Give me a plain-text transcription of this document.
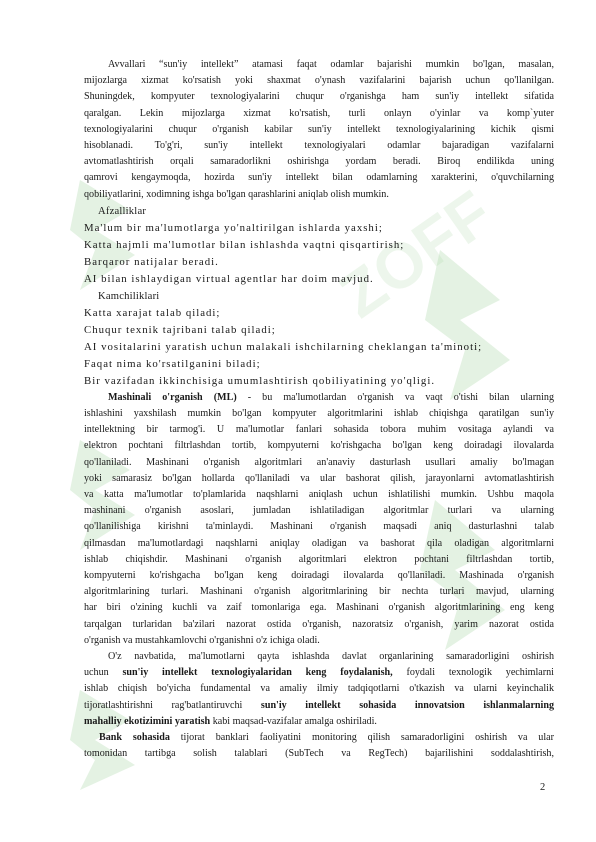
ZOFF

Avvallari “sun'iy intellekt” atamasi faqat odamlar bajarishi mumkin bo'lgan, masalan,

mijozlarga xizmat ko'rsatish yoki shaxmat o'ynash vazifalarini bajarish uchun qo'llanilgan.

Shuningdek, kompyuter texnologiyalarini chuqur o'rganishga ham sun'iy intellekt sifatida

qaralgan. Lekin mijozlarga xizmat ko'rsatish, turli onlayn o'yinlar va komp`yuter

texnologiyalarini chuqur o'rganish kabilar sun'iy intellekt texnologiyalarining kichik qismi

hisoblanadi. To'g'ri, sun'iy intellekt texnologiyalari odamlar bajaradigan vazifalarni

avtomatlashtirish orqali samaradorlikni oshirishga yordam beradi. Biroq endilikda uning

qamrovi kengaymoqda, hozirda sun'iy intellekt bilan odamlarning xarakterini, o'quvchilarning

qobiliyatlarini, xodimning ishga bo'lgan qarashlarini aniqlab olish mumkin.

Afzalliklar

Ma'lum bir ma'lumotlarga yo'naltirilgan ishlarda yaxshi;

Katta hajmli ma'lumotlar bilan ishlashda vaqtni qisqartirish;

Barqaror natijalar beradi.

AI bilan ishlaydigan virtual agentlar har doim mavjud.

Kamchiliklari

Katta xarajat talab qiladi;

Chuqur texnik tajribani talab qiladi;

AI vositalarini yaratish uchun malakali ishchilarning cheklangan ta'minoti;

Faqat nima ko'rsatilganini biladi;

Bir vazifadan ikkinchisiga umumlashtirish qobiliyatining yo'qligi.

Mashinali o'rganish (ML) - bu ma'lumotlardan o'rganish va vaqt o'tishi bilan ularning

ishlashini yaxshilash mumkin bo'lgan kompyuter algoritmlarini ishlab chiqishga qaratilgan sun'iy

intellektning bir tarmog'i. U ma'lumotlar fanlari sohasida tobora muhim vositaga aylandi va

elektron pochtani filtrlashdan tortib, kompyuterni ko'rishgacha bo'lgan keng doiradagi ilovalarda

qo'llaniladi. Mashinani o'rganish algoritmlari an'anaviy dasturlash usullari amaliy bo'lmagan

yoki samarasiz bo'lgan hollarda qo'llaniladi va ular bashorat qilish, jarayonlarni avtomatlashtirish

va katta ma'lumotlar to'plamlarida naqshlarni aniqlash uchun ishlatilishi mumkin. Ushbu maqola

mashinani o'rganish asoslari, jumladan ishlatiladigan algoritmlar turlari va ularning

qo'llanilishiga kirishni ta'minlaydi. Mashinani o'rganish maqsadi aniq dasturlashni talab

qilmasdan ma'lumotlardagi naqshlarni aniqlay oladigan va bashorat qila oladigan algoritmlarni

ishlab chiqishdir. Mashinani o'rganish algoritmlari elektron pochtani filtrlashdan tortib,

kompyuterni ko'rishgacha bo'lgan keng doiradagi ilovalarda qo'llaniladi. Mashinada o'rganish

algoritmlarining turlari. Mashinani o'rganish algoritmlarining bir nechta turlari mavjud, ularning

har biri o'zining kuchli va zaif tomonlariga ega. Mashinani o'rganish algoritmlarining eng keng

tarqalgan turlaridan ba'zilari nazorat ostida o'rganish, nazoratsiz o'rganish, yarim nazorat ostida

o'rganish va mustahkamlovchi o'rganishni o'z ichiga oladi.

O'z navbatida, ma'lumotlarni qayta ishlashda davlat organlarining samaradorligini oshirish

uchun sun'iy intellekt texnologiyalaridan keng foydalanish, foydali texnologik yechimlarni

ishlab chiqish bo'yicha fundamental va amaliy ilmiy tadqiqotlarni o'tkazish va ularni keyinchalik

tijoratlashtirishni rag'batlantiruvchi sun'iy intellekt sohasida innovatsion ishlanmalarning

mahalliy ekotizimini yaratish kabi maqsad-vazifalar amalga oshiriladi.

Bank sohasida tijorat banklari faoliyatini monitoring qilish samaradorligini oshirish va ular

tomonidan tartibga solish talablari (SubTech va RegTech) bajarilishini soddalashtirish,

2
